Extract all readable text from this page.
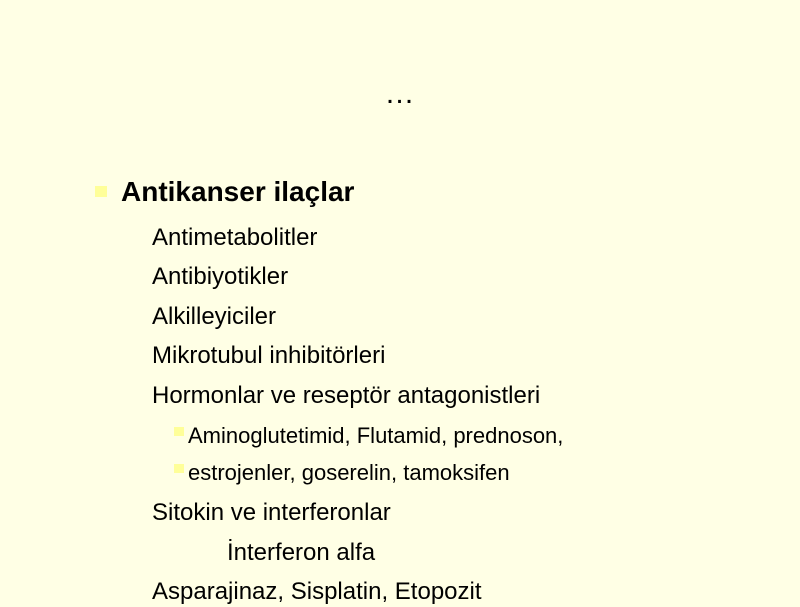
…
Antikanser ilaçlar
Antimetabolitler
Antibiyotikler
Alkilleyiciler
Mikrotubul inhibitörleri
Hormonlar ve reseptör antagonistleri
Aminoglutetimid, Flutamid, prednoson,
estrojenler, goserelin, tamoksifen
Sitokin ve interferonlar
İnterferon alfa
Asparajinaz, Sisplatin, Etopozit
